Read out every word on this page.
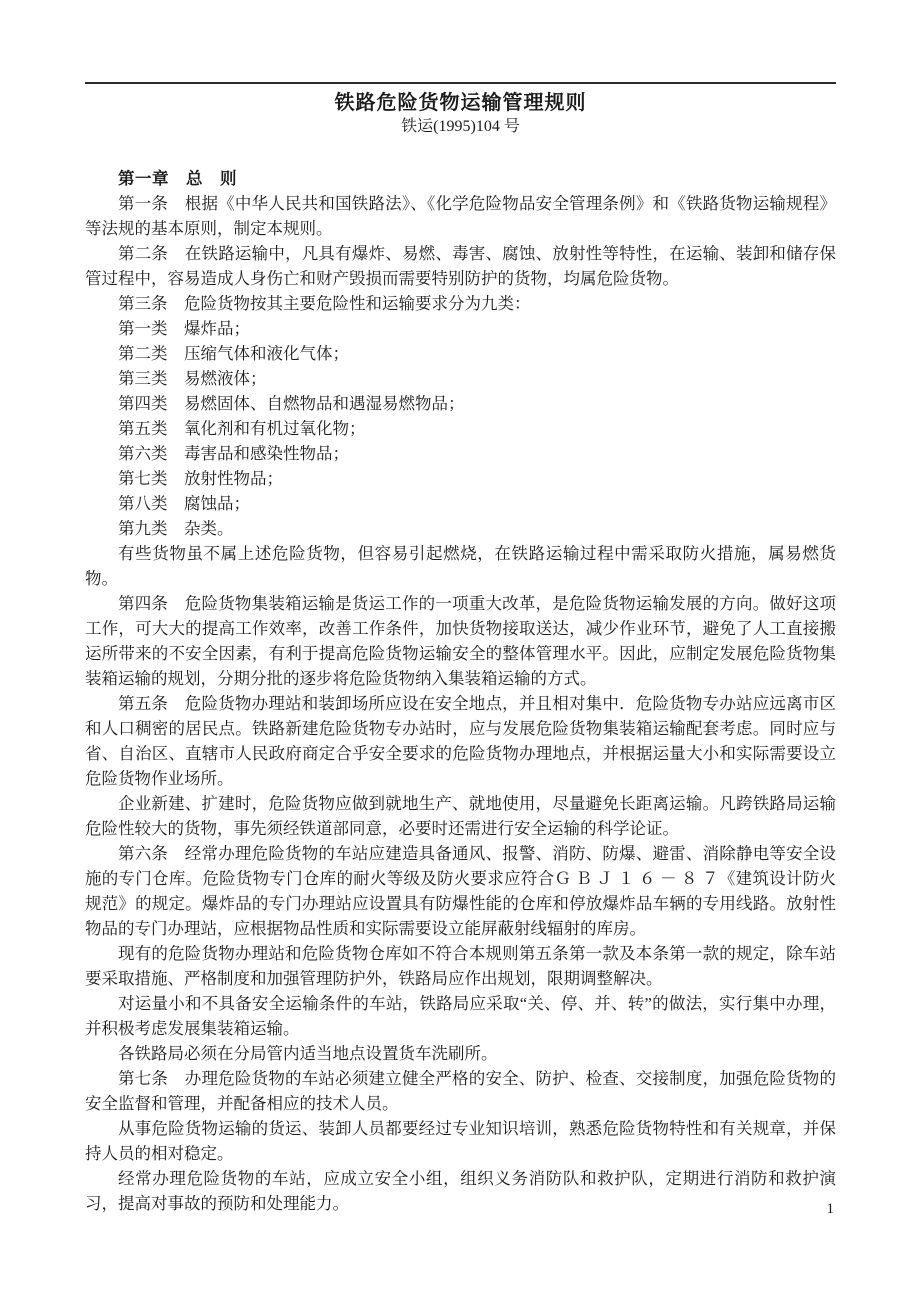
铁路危险货物运输管理规则

铁运(1995)104 号

第一章　总　则

第一条　根据《中华人民共和国铁路法》、《化学危险物品安全管理条例》和《铁路货物运输规程》等法规的基本原则，制定本规则。

第二条　在铁路运输中，凡具有爆炸、易燃、毒害、腐蚀、放射性等特性，在运输、装卸和储存保管过程中，容易造成人身伤亡和财产毁损而需要特别防护的货物，均属危险货物。

第三条　危险货物按其主要危险性和运输要求分为九类：

第一类　爆炸品；

第二类　压缩气体和液化气体；

第三类　易燃液体；

第四类　易燃固体、自燃物品和遇湿易燃物品；

第五类　氧化剂和有机过氧化物；

第六类　毒害品和感染性物品；

第七类　放射性物品；

第八类　腐蚀品；

第九类　杂类。

有些货物虽不属上述危险货物，但容易引起燃烧，在铁路运输过程中需采取防火措施，属易燃货物。

第四条　危险货物集装箱运输是货运工作的一项重大改革，是危险货物运输发展的方向。做好这项工作，可大大的提高工作效率，改善工作条件，加快货物接取送达，减少作业环节，避免了人工直接搬运所带来的不安全因素，有利于提高危险货物运输安全的整体管理水平。因此，应制定发展危险货物集装箱运输的规划，分期分批的逐步将危险货物纳入集装箱运输的方式。

第五条　危险货物办理站和装卸场所应设在安全地点，并且相对集中．危险货物专办站应远离市区和人口稠密的居民点。铁路新建危险货物专办站时，应与发展危险货物集装箱运输配套考虑。同时应与省、自治区、直辖市人民政府商定合乎安全要求的危险货物办理地点，并根据运量大小和实际需要设立危险货物作业场所。

企业新建、扩建时，危险货物应做到就地生产、就地使用，尽量避免长距离运输。凡跨铁路局运输危险性较大的货物，事先须经铁道部同意，必要时还需进行安全运输的科学论证。

第六条　经常办理危险货物的车站应建造具备通风、报警、消防、防爆、避雷、消除静电等安全设施的专门仓库。危险货物专门仓库的耐火等级及防火要求应符合Ｇ Ｂ Ｊ １ ６ － ８ ７《建筑设计防火规范》的规定。爆炸品的专门办理站应设置具有防爆性能的仓库和停放爆炸品车辆的专用线路。放射性物品的专门办理站，应根据物品性质和实际需要设立能屏蔽射线辐射的库房。

现有的危险货物办理站和危险货物仓库如不符合本规则第五条第一款及本条第一款的规定，除车站要采取措施、严格制度和加强管理防护外，铁路局应作出规划，限期调整解决。

对运量小和不具备安全运输条件的车站，铁路局应采取“关、停、并、转”的做法，实行集中办理，并积极考虑发展集装箱运输。

各铁路局必须在分局管内适当地点设置货车洗刷所。

第七条　办理危险货物的车站必须建立健全严格的安全、防护、检查、交接制度，加强危险货物的安全监督和管理，并配备相应的技术人员。

从事危险货物运输的货运、装卸人员都要经过专业知识培训，熟悉危险货物特性和有关规章，并保持人员的相对稳定。

经常办理危险货物的车站，应成立安全小组，组织义务消防队和救护队，定期进行消防和救护演习，提高对事故的预防和处理能力。	1
